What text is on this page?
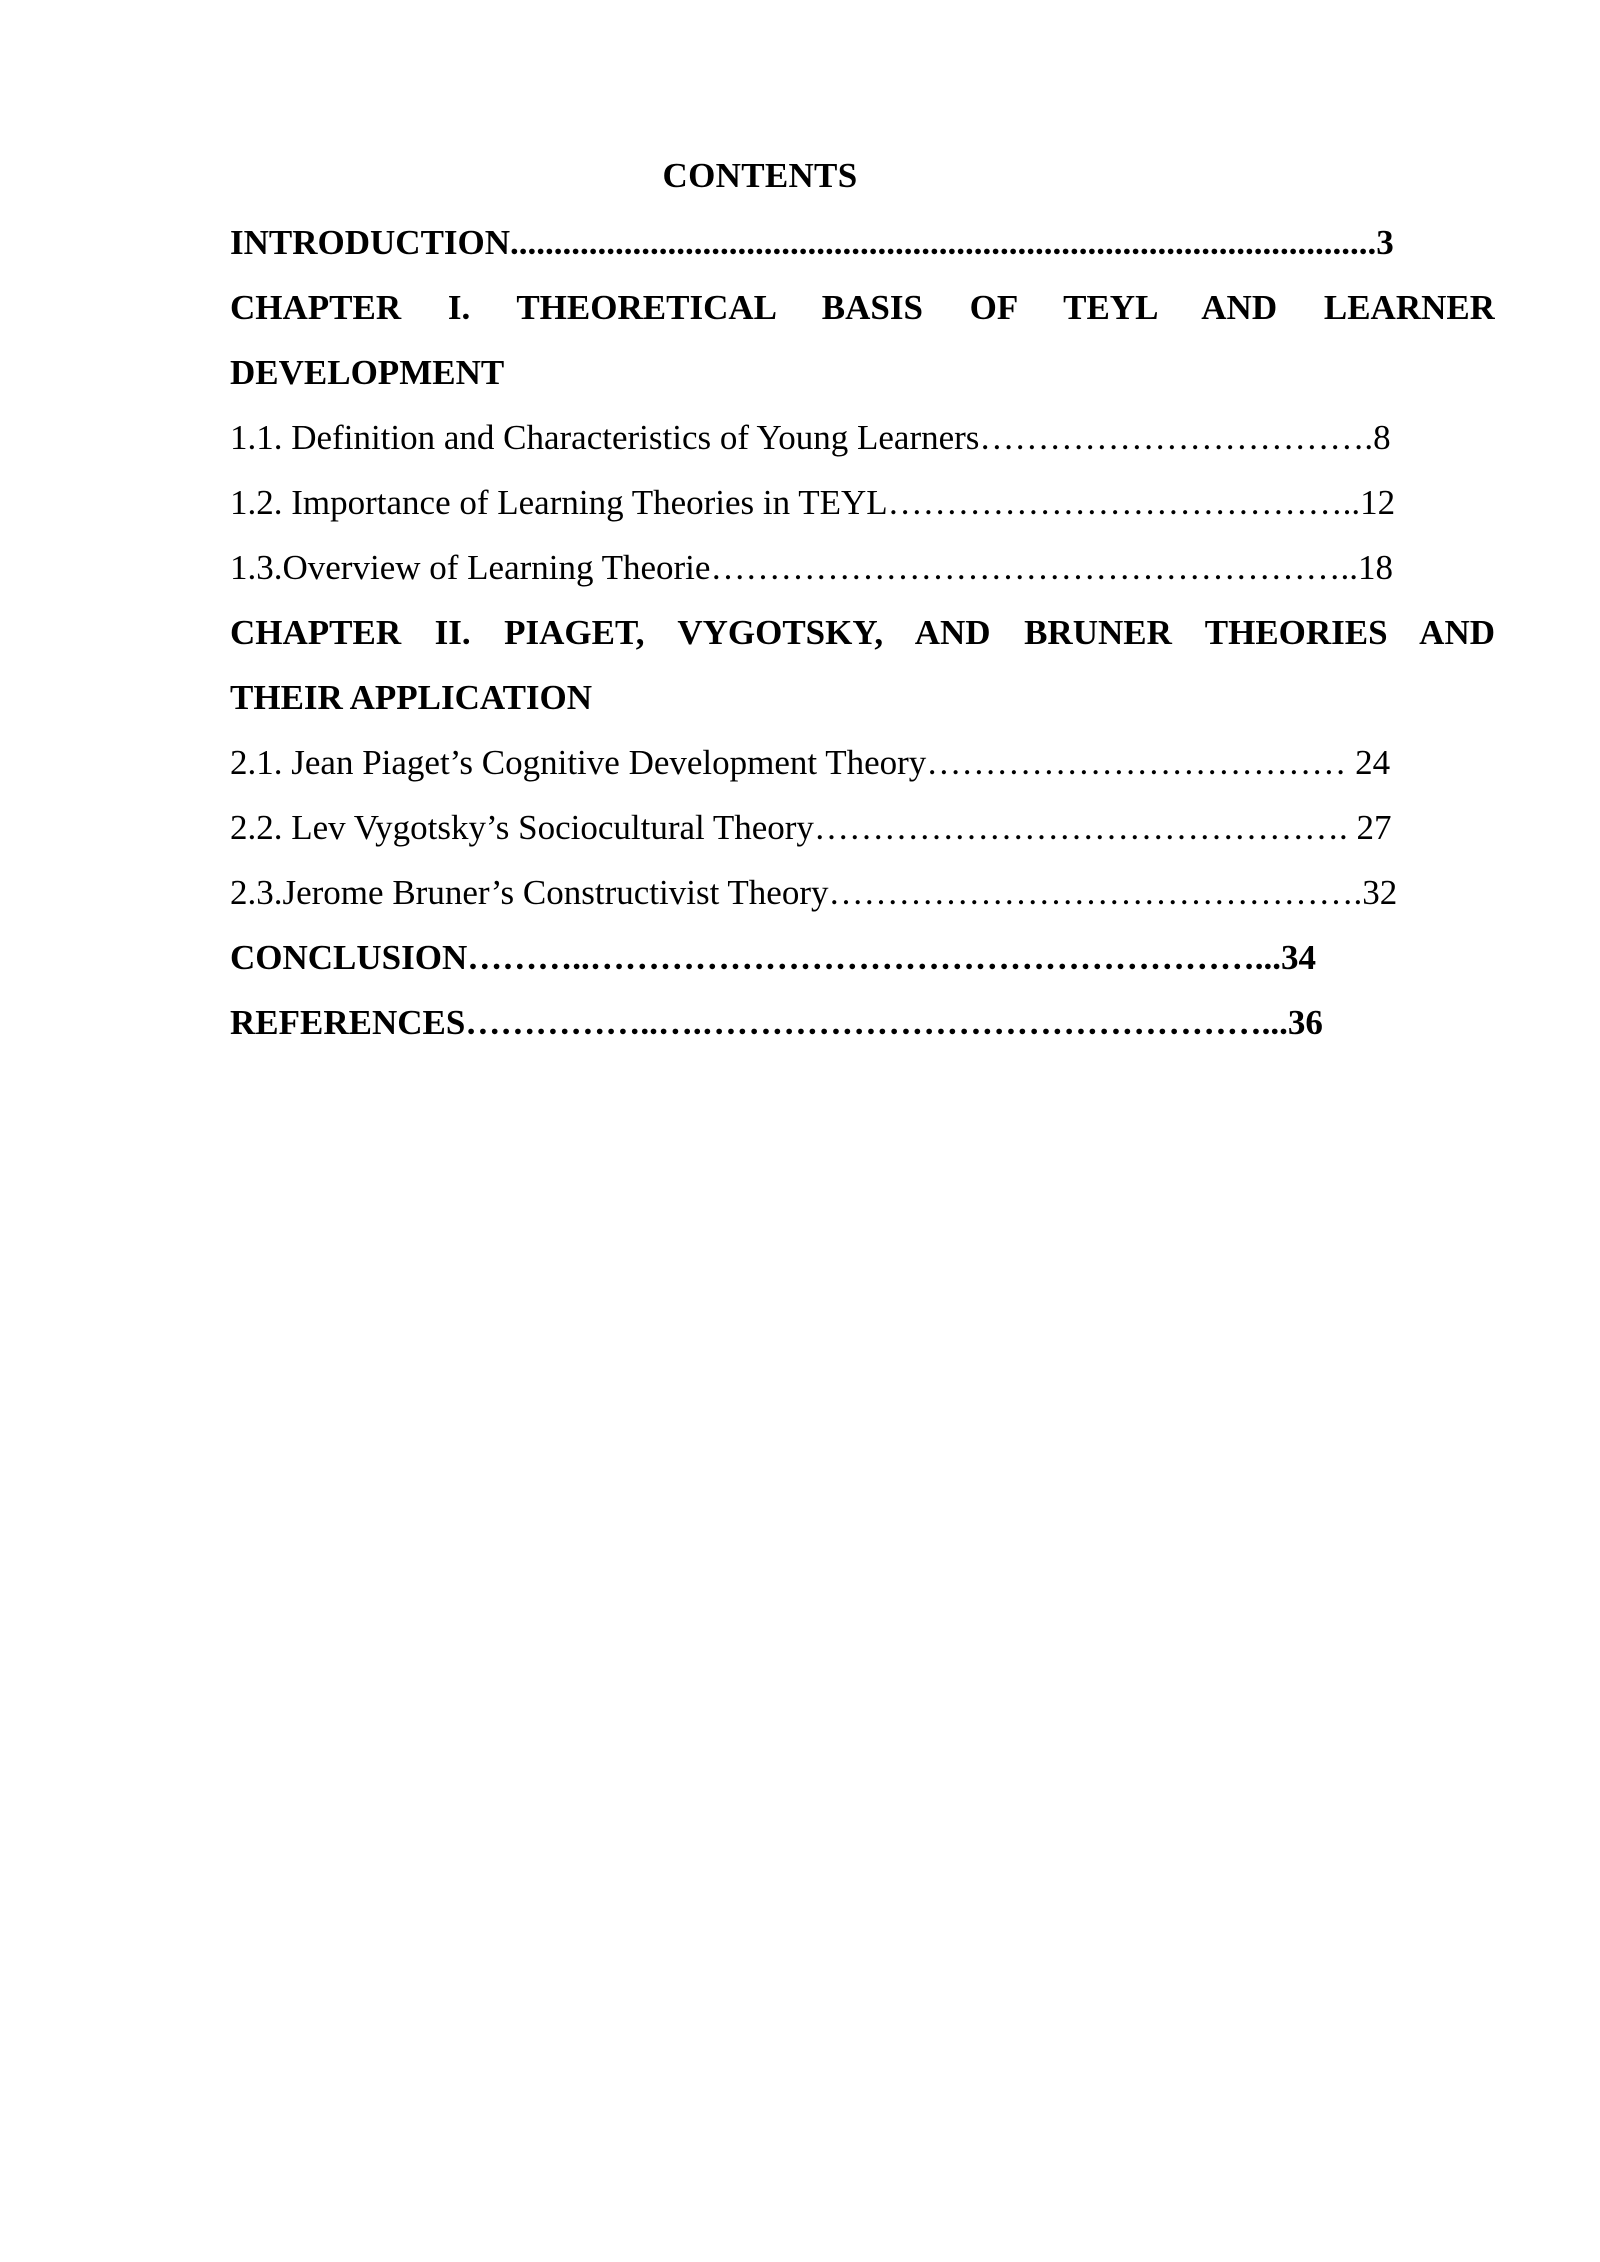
CONTENTS
INTRODUCTION...................................................................................................3
CHAPTER I. THEORETICAL BASIS OF TEYL AND LEARNER
DEVELOPMENT
1.1. Definition and Characteristics of Young Learners…………………………….8
1.2. Importance of Learning Theories in TEYL…………………………………..12
1.3.Overview of Learning Theorie………………………………………………..18
CHAPTER II. PIAGET, VYGOTSKY, AND BRUNER THEORIES AND
THEIR APPLICATION
2.1. Jean Piaget’s Cognitive Development Theory……………………………… 24
2.2. Lev Vygotsky’s Sociocultural Theory………………………………………. 27
2.3.Jerome Bruner’s Constructivist Theory……………………………………….32
CONCLUSION………..…………………………………………………...34
REFERENCES……………..….…………………………………………...36
